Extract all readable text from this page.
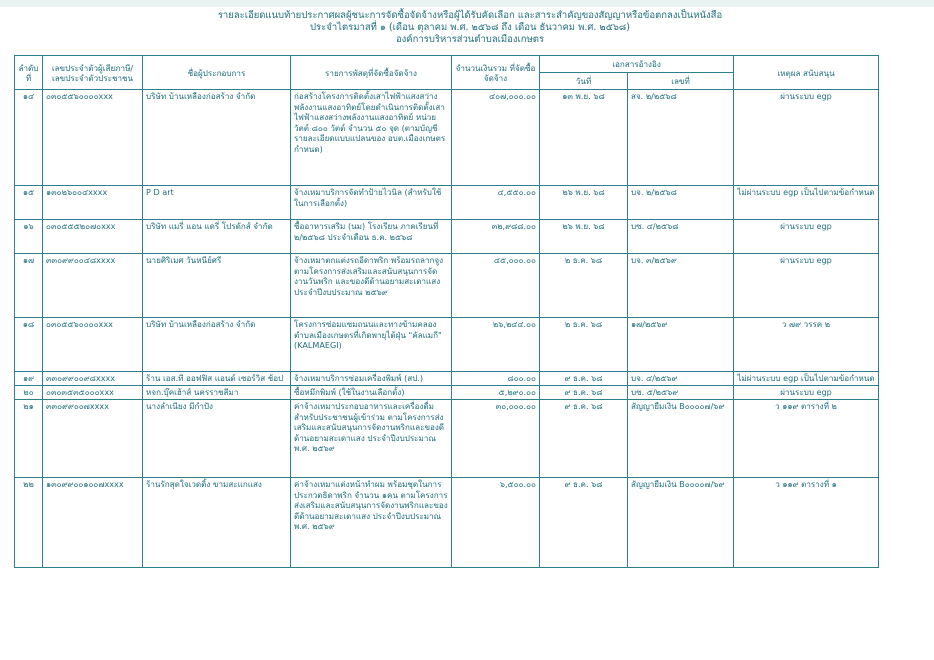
รายละเอียดแนบท้ายประกาศผลผู้ชนะการจัดซื้อจัดจ้างหรือผู้ได้รับคัดเลือก และสาระสำคัญของสัญญาหรือข้อตกลงเป็นหนังสือ
ประจำไตรมาสที่ ๑ (เดือน ตุลาคม พ.ศ. ๒๕๖๘ ถึง เดือน ธันวาคม พ.ศ. ๒๕๖๘)
องค์การบริหารส่วนตำบลเมืองเกษตร
ลำดับที่	เลขประจำตัวผู้เสียภาษี/ เลขประจำตัวประชาชน	ชื่อผู้ประกอบการ	รายการพัสดุที่จัดซื้อจัดจ้าง	จำนวนเงินรวม ที่จัดซื้อจัดจ้าง	เอกสารอ้างอิง		เหตุผล สนับสนุน
					วันที่	เลขที่	
๑๔	๐๓๐๕๕๖๐๐๐๐xxx	บริษัท บ้านเหลืองก่อสร้าง จำกัด	ก่อสร้างโครงการติดตั้งเสาไฟฟ้าแสงสว่างพลังงานแสงอาทิตย์โดยดำเนินการติดตั้งเสาไฟฟ้าแสงสว่างพลังงานแสงอาทิตย์ หน่วยวัตต์ ๘๐๐ วัตต์ จำนวน ๕๐ จุด (ตามบัญชีรายละเอียดแบบแปลนของ อบต.เมืองเกษตรกำหนด)	๔๐๗,๐๐๐.๐๐	๑๓ พ.ย. ๖๘	สจ. ๒/๒๕๖๘	ผ่านระบบ egp
๑๕	๑๓๐๒๖๐๐๔xxxx	P D art	จ้างเหมาบริการจัดทำป้ายไวนิล (สำหรับใช้ในการเลือกตั้ง)	๔,๕๕๐.๐๐	๒๖ พ.ย. ๖๘	บจ. ๒/๒๕๖๘	ไม่ผ่านระบบ egp เป็นไปตามข้อกำหนด
๑๖	๐๓๐๕๕๕๒๐๗๐xxx	บริษัท แมรี่ แอน แดรี่ โปรดักส์ จำกัด	ซื้ออาหารเสริม (นม) โรงเรียน ภาคเรียนที่ ๒/๒๕๖๘ ประจำเดือน ธ.ค. ๒๕๖๘	๓๒,๙๘๘.๐๐	๒๖ พ.ย. ๖๘	บซ. ๔/๒๕๖๘	ผ่านระบบ egp
๑๗	๓๓๐๙๙๐๐๔๘xxxx	นายศิริเมศ วันหนีย์ศรี	จ้างเหมาตกแต่งรถอีดาพริก พร้อมรถลากจูง ตามโครงการส่งเสริมและสนับสนุนการจัดงานวันพริก และของดีด้านอยามสะเดาแสง ประจำปีงบประมาณ ๒๕๖๙	๔๕,๐๐๐.๐๐	๒ ธ.ค. ๖๘	บจ. ๓/๒๕๖๙	ผ่านระบบ egp
๑๘	๐๓๐๕๕๖๐๐๐๐xxx	บริษัท บ้านเหลืองก่อสร้าง จำกัด	โครงการซ่อมแซมถนนและทางข้ามคลอง ตำบลเมืองเกษตรที่เกิดพายุไต้ฝุ่น "คัลแมกี" (KALMAEGI)	๒๖,๒๔๔.๐๐	๒ ธ.ค. ๖๘	๑๗/๒๕๖๙	ว ๗๙ วรรค ๒
๑๙	๓๓๐๙๙๐๐๙๘xxxx	ร้าน เอส.ที ออฟฟิส แอนด์ เซอร์วิส ช้อป	จ้างเหมาบริการซ่อมเครื่องพิมพ์ (สป.)	๘๐๐.๐๐	๙ ธ.ค. ๖๘	บจ. ๔/๒๕๖๙	ไม่ผ่านระบบ egp เป็นไปตามข้อกำหนด
๒๐	๐๓๐๓๕๓๕๐๐๐xxx	หจก.บุ๊คเฮ้าส์ นครราชสีมา	ซื้อหมึกพิมพ์ (ใช้ในงานเลือกตั้ง)	๕,๒๙๐.๐๐	๙ ธ.ค. ๖๘	บซ. ๕/๒๕๖๙	ผ่านระบบ egp
๒๑	๓๓๐๙๙๐๐๗xxxx	นางลำเนียง มีกำปัง	ค่าจ้างเหมาประกอบอาหารและเครื่องดื่มสำหรับประชาชนผู้เข้าร่วม ตามโครงการส่งเสริมและสนับสนุนการจัดงานพริกและของดีด้านอยามสะเดาแสง ประจำปีงบประมาณ พ.ศ. ๒๕๖๙	๓๐,๐๐๐.๐๐	๙ ธ.ค. ๖๘	สัญญายืมเงิน B๐๐๐๐๗/๖๙	ว ๑๑๙ ตารางที่ ๒
๒๒	๑๓๐๙๙๐๐๑๐๐๗xxxx	ร้านรักสุดใจเวดดิ้ง ขามสะแกแสง	ค่าจ้างเหมาแต่งหน้าทำผม พร้อมชุดในการประกวดธิดาพริก จำนวน ๑คน ตามโครงการส่งเสริมและสนับสนุนการจัดงานพริกและของดีด้านอยามสะเดาแสง ประจำปีงบประมาณ พ.ศ. ๒๕๖๙	๖,๕๐๐.๐๐	๙ ธ.ค. ๖๘	สัญญายืมเงิน B๐๐๐๐๗/๖๙	ว ๑๑๙ ตารางที่ ๑
